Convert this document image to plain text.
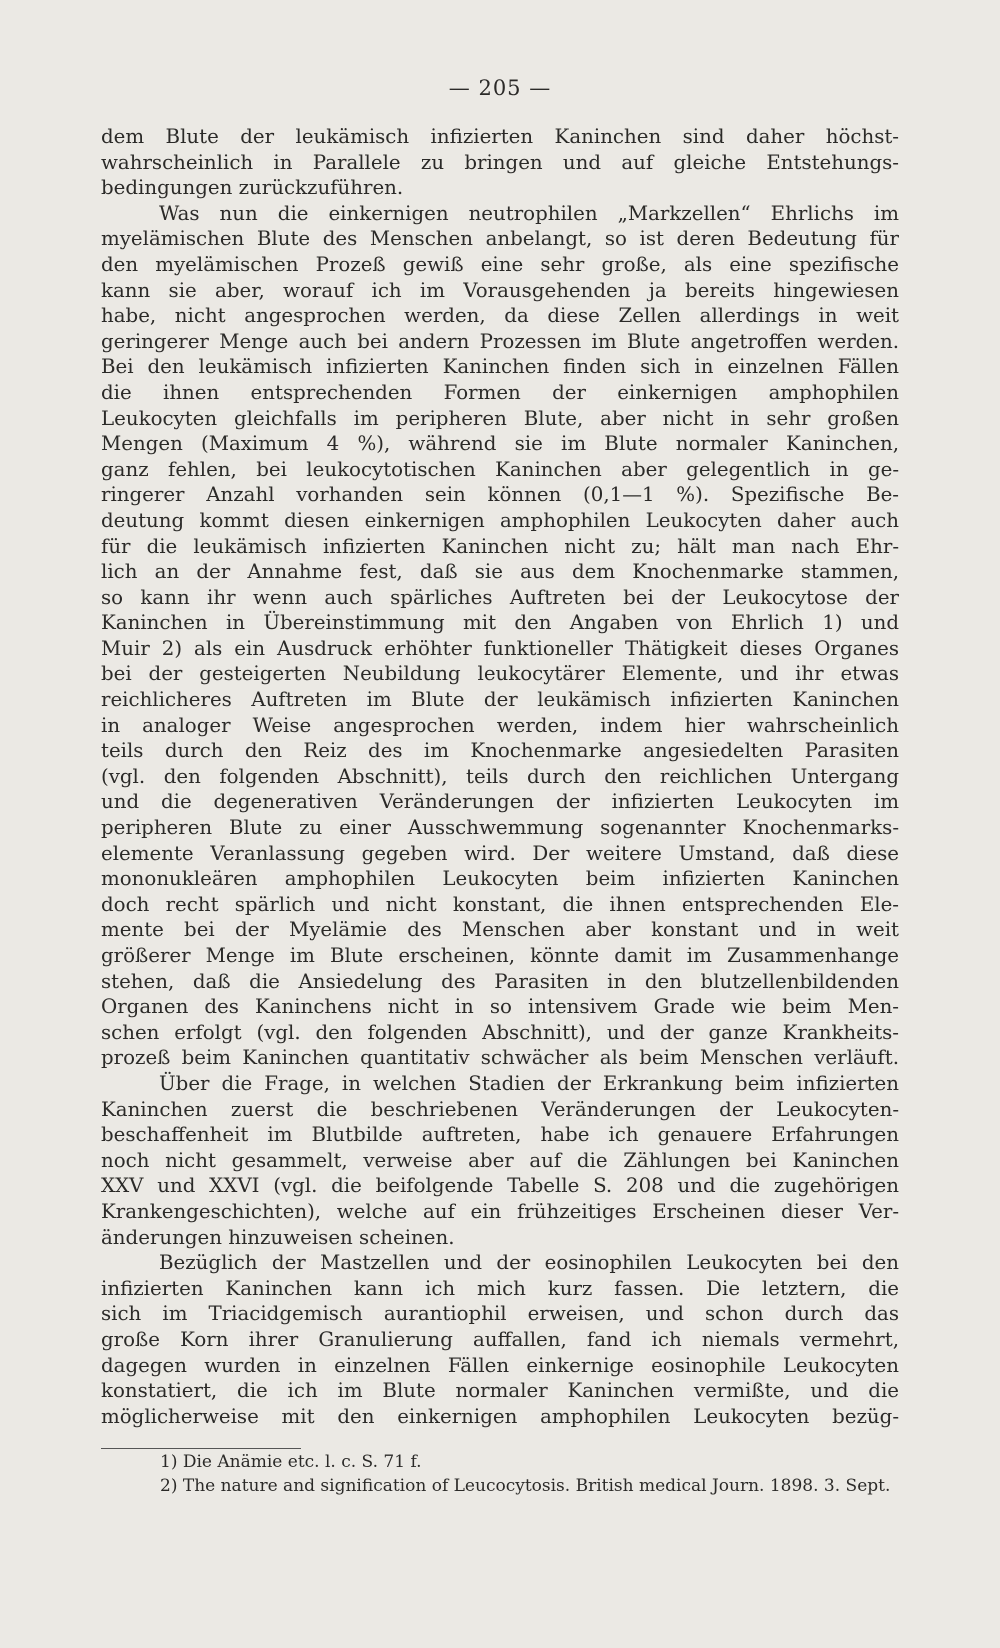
— 205 —
dem Blute der leukämisch infizierten Kaninchen sind daher höchst-
wahrscheinlich in Parallele zu bringen und auf gleiche Entstehungs-
bedingungen zurückzuführen.
Was nun die einkernigen neutrophilen „Markzellen“ Ehrlichs im
myelämischen Blute des Menschen anbelangt, so ist deren Bedeutung für
den myelämischen Prozeß gewiß eine sehr große, als eine spezifische
kann sie aber, worauf ich im Vorausgehenden ja bereits hingewiesen
habe, nicht angesprochen werden, da diese Zellen allerdings in weit
geringerer Menge auch bei andern Prozessen im Blute angetroffen werden.
Bei den leukämisch infizierten Kaninchen finden sich in einzelnen Fällen
die ihnen entsprechenden Formen der einkernigen amphophilen
Leukocyten gleichfalls im peripheren Blute, aber nicht in sehr großen
Mengen (Maximum 4 %), während sie im Blute normaler Kaninchen,
ganz fehlen, bei leukocytotischen Kaninchen aber gelegentlich in ge-
ringerer Anzahl vorhanden sein können (0,1—1 %). Spezifische Be-
deutung kommt diesen einkernigen amphophilen Leukocyten daher auch
für die leukämisch infizierten Kaninchen nicht zu; hält man nach Ehr-
lich an der Annahme fest, daß sie aus dem Knochenmarke stammen,
so kann ihr wenn auch spärliches Auftreten bei der Leukocytose der
Kaninchen in Übereinstimmung mit den Angaben von Ehrlich 1) und
Muir 2) als ein Ausdruck erhöhter funktioneller Thätigkeit dieses Organes
bei der gesteigerten Neubildung leukocytärer Elemente, und ihr etwas
reichlicheres Auftreten im Blute der leukämisch infizierten Kaninchen
in analoger Weise angesprochen werden, indem hier wahrscheinlich
teils durch den Reiz des im Knochenmarke angesiedelten Parasiten
(vgl. den folgenden Abschnitt), teils durch den reichlichen Untergang
und die degenerativen Veränderungen der infizierten Leukocyten im
peripheren Blute zu einer Ausschwemmung sogenannter Knochenmarks-
elemente Veranlassung gegeben wird. Der weitere Umstand, daß diese
mononukleären amphophilen Leukocyten beim infizierten Kaninchen
doch recht spärlich und nicht konstant, die ihnen entsprechenden Ele-
mente bei der Myelämie des Menschen aber konstant und in weit
größerer Menge im Blute erscheinen, könnte damit im Zusammenhange
stehen, daß die Ansiedelung des Parasiten in den blutzellenbildenden
Organen des Kaninchens nicht in so intensivem Grade wie beim Men-
schen erfolgt (vgl. den folgenden Abschnitt), und der ganze Krankheits-
prozeß beim Kaninchen quantitativ schwächer als beim Menschen verläuft.
Über die Frage, in welchen Stadien der Erkrankung beim infizierten
Kaninchen zuerst die beschriebenen Veränderungen der Leukocyten-
beschaffenheit im Blutbilde auftreten, habe ich genauere Erfahrungen
noch nicht gesammelt, verweise aber auf die Zählungen bei Kaninchen
XXV und XXVI (vgl. die beifolgende Tabelle S. 208 und die zugehörigen
Krankengeschichten), welche auf ein frühzeitiges Erscheinen dieser Ver-
änderungen hinzuweisen scheinen.
Bezüglich der Mastzellen und der eosinophilen Leukocyten bei den
infizierten Kaninchen kann ich mich kurz fassen. Die letztern, die
sich im Triacidgemisch aurantiophil erweisen, und schon durch das
große Korn ihrer Granulierung auffallen, fand ich niemals vermehrt,
dagegen wurden in einzelnen Fällen einkernige eosinophile Leukocyten
konstatiert, die ich im Blute normaler Kaninchen vermißte, und die
möglicherweise mit den einkernigen amphophilen Leukocyten bezüg-
1) Die Anämie etc. l. c. S. 71 f.
2) The nature and signification of Leucocytosis. British medical Journ. 1898. 3. Sept.
